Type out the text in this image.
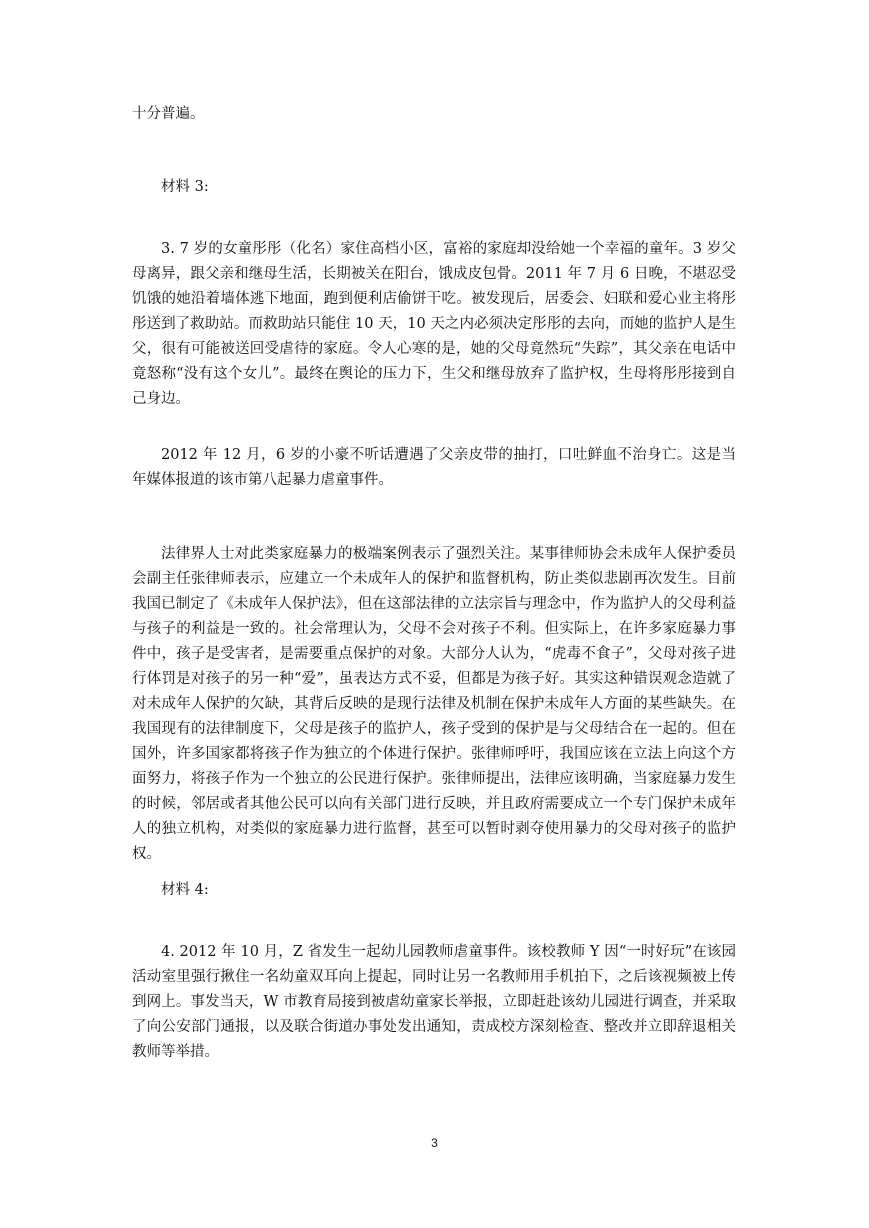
十分普遍。

材料 3:

3. 7 岁的女童彤彤（化名）家住高档小区，富裕的家庭却没给她一个幸福的童年。3 岁父母离异，跟父亲和继母生活，长期被关在阳台，饿成皮包骨。2011 年 7 月 6 日晚，不堪忍受饥饿的她沿着墙体逃下地面，跑到便利店偷饼干吃。被发现后，居委会、妇联和爱心业主将彤彤送到了救助站。而救助站只能住 10 天，10 天之内必须决定彤彤的去向，而她的监护人是生父，很有可能被送回受虐待的家庭。令人心寒的是，她的父母竟然玩“失踪”，其父亲在电话中竟怒称“没有这个女儿”。最终在舆论的压力下，生父和继母放弃了监护权，生母将彤彤接到自己身边。

2012 年 12 月，6 岁的小豪不听话遭遇了父亲皮带的抽打，口吐鲜血不治身亡。这是当年媒体报道的该市第八起暴力虐童事件。

法律界人士对此类家庭暴力的极端案例表示了强烈关注。某事律师协会未成年人保护委员会副主任张律师表示，应建立一个未成年人的保护和监督机构，防止类似悲剧再次发生。目前我国已制定了《未成年人保护法》，但在这部法律的立法宗旨与理念中，作为监护人的父母利益与孩子的利益是一致的。社会常理认为，父母不会对孩子不利。但实际上，在许多家庭暴力事件中，孩子是受害者，是需要重点保护的对象。大部分人认为，“虎毒不食子”，父母对孩子进行体罚是对孩子的另一种“爱”，虽表达方式不妥，但都是为孩子好。其实这种错误观念造就了对未成年人保护的欠缺，其背后反映的是现行法律及机制在保护未成年人方面的某些缺失。在我国现有的法律制度下，父母是孩子的监护人，孩子受到的保护是与父母结合在一起的。但在国外，许多国家都将孩子作为独立的个体进行保护。张律师呼吁，我国应该在立法上向这个方面努力，将孩子作为一个独立的公民进行保护。张律师提出，法律应该明确，当家庭暴力发生的时候，邻居或者其他公民可以向有关部门进行反映，并且政府需要成立一个专门保护未成年人的独立机构，对类似的家庭暴力进行监督，甚至可以暂时剥夺使用暴力的父母对孩子的监护权。

材料 4:

4. 2012 年 10 月，Z 省发生一起幼儿园教师虐童事件。该校教师 Y 因“一时好玩”在该园活动室里强行揪住一名幼童双耳向上提起，同时让另一名教师用手机拍下，之后该视频被上传到网上。事发当天，W 市教育局接到被虐幼童家长举报，立即赶赴该幼儿园进行调查，并采取了向公安部门通报，以及联合街道办事处发出通知，责成校方深刻检查、整改并立即辞退相关教师等举措。

3
